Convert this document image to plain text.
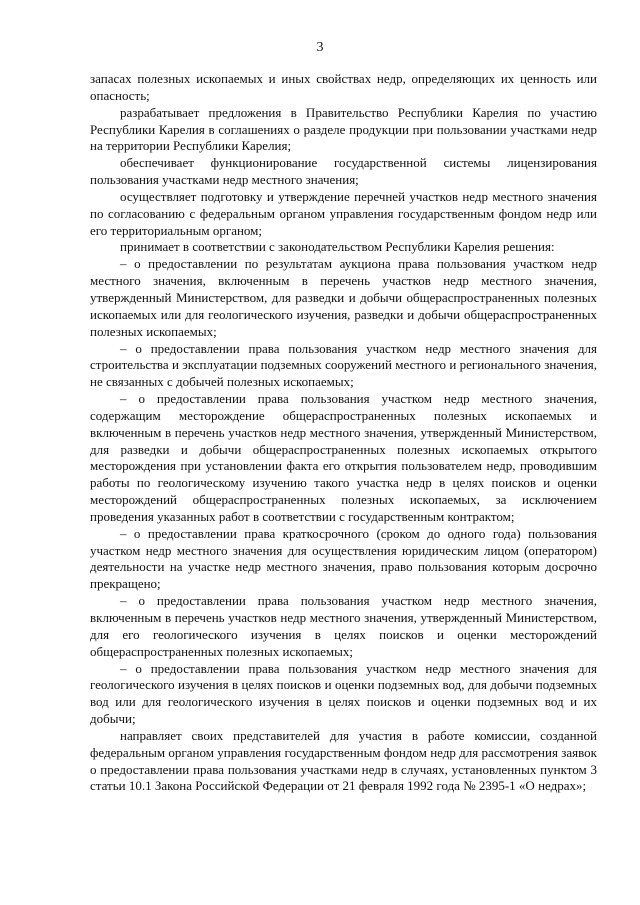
3

запасах полезных ископаемых и иных свойствах недр, определяющих их ценность или опасность;

разрабатывает предложения в Правительство Республики Карелия по участию Республики Карелия в соглашениях о разделе продукции при пользовании участками недр на территории Республики Карелия;

обеспечивает функционирование государственной системы лицензирования пользования участками недр местного значения;

осуществляет подготовку и утверждение перечней участков недр местного значения по согласованию с федеральным органом управления государственным фондом недр или его территориальным органом;

принимает в соответствии с законодательством Республики Карелия решения:

– о предоставлении по результатам аукциона права пользования участком недр местного значения, включенным в перечень участков недр местного значения, утвержденный Министерством, для разведки и добычи общераспространенных полезных ископаемых или для геологического изучения, разведки и добычи общераспространенных полезных ископаемых;

– о предоставлении права пользования участком недр местного значения для строительства и эксплуатации подземных сооружений местного и регионального значения, не связанных с добычей полезных ископаемых;

– о предоставлении права пользования участком недр местного значения, содержащим месторождение общераспространенных полезных ископаемых и включенным в перечень участков недр местного значения, утвержденный Министерством, для разведки и добычи общераспространенных полезных ископаемых открытого месторождения при установлении факта его открытия пользователем недр, проводившим работы по геологическому изучению такого участка недр в целях поисков и оценки месторождений общераспространенных полезных ископаемых, за исключением проведения указанных работ в соответствии с государственным контрактом;

– о предоставлении права краткосрочного (сроком до одного года) пользования участком недр местного значения для осуществления юридическим лицом (оператором) деятельности на участке недр местного значения, право пользования которым досрочно прекращено;

– о предоставлении права пользования участком недр местного значения, включенным в перечень участков недр местного значения, утвержденный Министерством, для его геологического изучения в целях поисков и оценки месторождений общераспространенных полезных ископаемых;

– о предоставлении права пользования участком недр местного значения для геологического изучения в целях поисков и оценки подземных вод, для добычи подземных вод или для геологического изучения в целях поисков и оценки подземных вод и их добычи;

направляет своих представителей для участия в работе комиссии, созданной федеральным органом управления государственным фондом недр для рассмотрения заявок о предоставлении права пользования участками недр в случаях, установленных пунктом 3 статьи 10.1 Закона Российской Федерации от 21 февраля 1992 года № 2395-1 «О недрах»;
